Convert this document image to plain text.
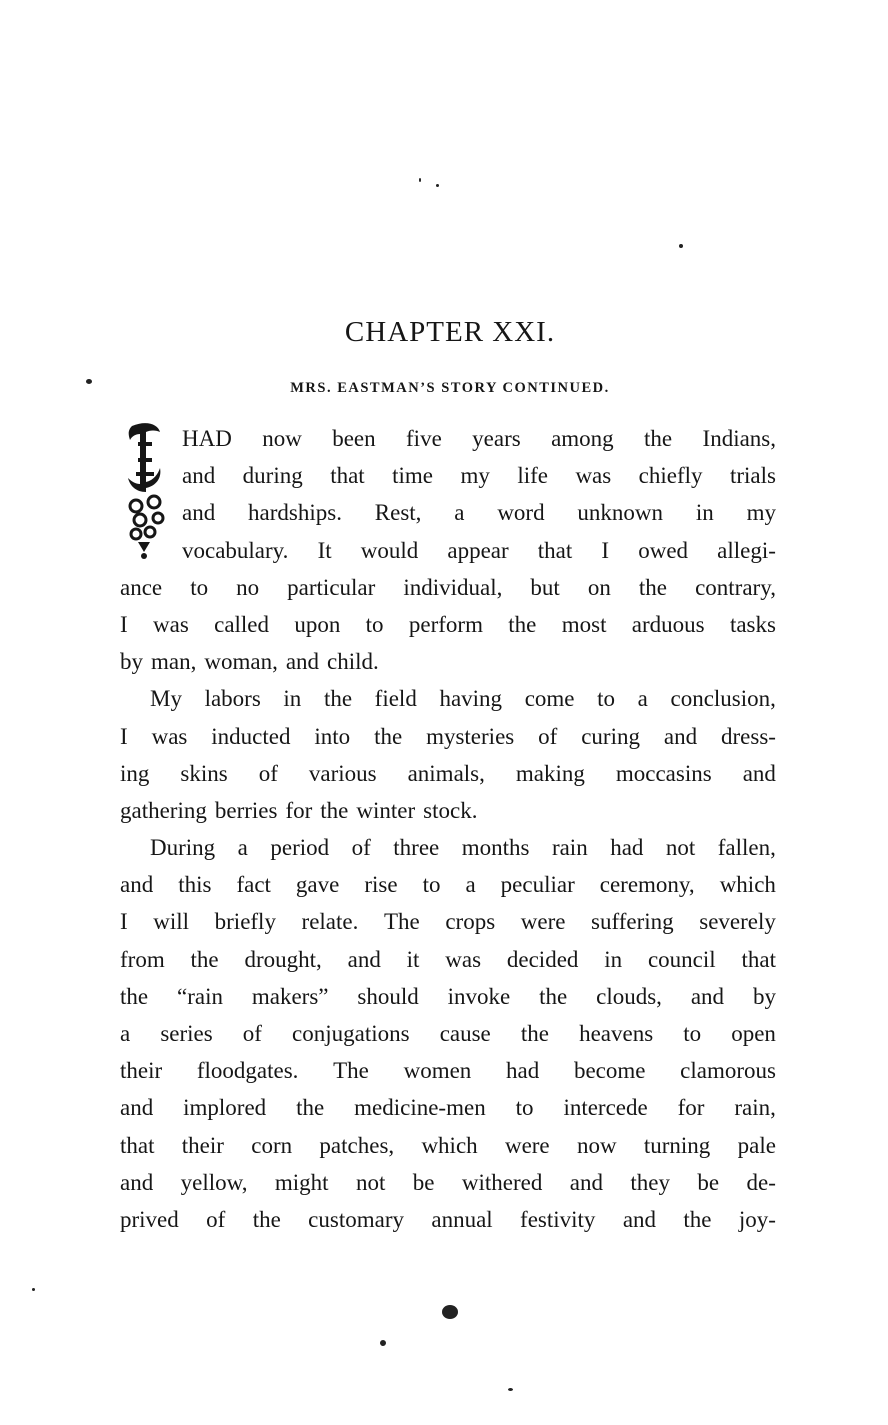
CHAPTER XXI.
MRS. EASTMAN’S STORY CONTINUED.
HAD now been five years among the Indians,
and during that time my life was chiefly trials
and hardships. Rest, a word unknown in my
vocabulary. It would appear that I owed allegi-
ance to no particular individual, but on the contrary,
I was called upon to perform the most arduous tasks
by man, woman, and child.
My labors in the field having come to a conclusion,
I was inducted into the mysteries of curing and dress-
ing skins of various animals, making moccasins and
gathering berries for the winter stock.
During a period of three months rain had not fallen,
and this fact gave rise to a peculiar ceremony, which
I will briefly relate. The crops were suffering severely
from the drought, and it was decided in council that
the “rain makers” should invoke the clouds, and by
a series of conjugations cause the heavens to open
their floodgates. The women had become clamorous
and implored the medicine-men to intercede for rain,
that their corn patches, which were now turning pale
and yellow, might not be withered and they be de-
prived of the customary annual festivity and the joy-
